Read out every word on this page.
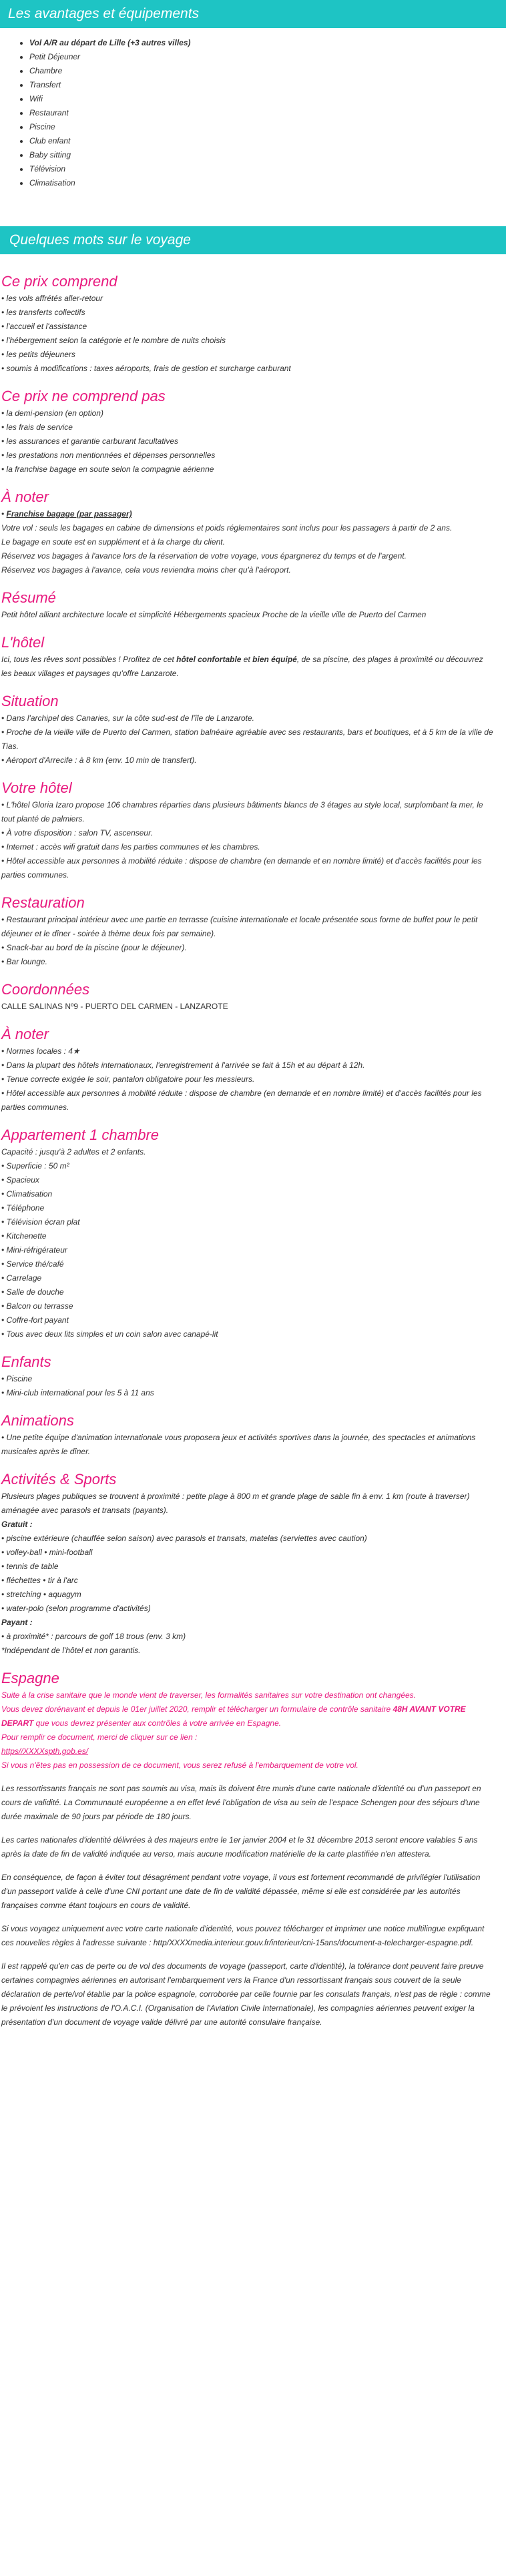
Les avantages et équipements
• Vol A/R au départ de Lille (+3 autres villes)
• Petit Déjeuner
• Chambre
• Transfert
• Wifi
• Restaurant
• Piscine
• Club enfant
• Baby sitting
• Télévision
• Climatisation
Quelques mots sur le voyage
Ce prix comprend

• les vols affrétés aller-retour

• les transferts collectifs

• l'accueil et l'assistance

• l'hébergement selon la catégorie et le nombre de nuits choisis

• les petits déjeuners

• soumis à modifications : taxes aéroports, frais de gestion et surcharge carburant

Ce prix ne comprend pas

• la demi-pension (en option)

• les frais de service

• les assurances et garantie carburant facultatives

• les prestations non mentionnées et dépenses personnelles

• la franchise bagage en soute selon la compagnie aérienne

À noter

• Franchise bagage (par passager)

Votre vol : seuls les bagages en cabine de dimensions et poids réglementaires sont inclus pour les passagers à partir de 2 ans.

Le bagage en soute est en supplément et à la charge du client.

Réservez vos bagages à l'avance lors de la réservation de votre voyage, vous épargnerez du temps et de l'argent.

Réservez vos bagages à l'avance, cela vous reviendra moins cher qu'à l'aéroport.

Résumé

Petit hôtel alliant architecture locale et simplicité Hébergements spacieux Proche de la vieille ville de Puerto del Carmen

L'hôtel

Ici, tous les rêves sont possibles ! Profitez de cet hôtel confortable et bien équipé, de sa piscine, des plages à proximité ou découvrez les beaux villages et paysages qu'offre Lanzarote.

Situation

• Dans l'archipel des Canaries, sur la côte sud-est de l'île de Lanzarote.

• Proche de la vieille ville de Puerto del Carmen, station balnéaire agréable avec ses restaurants, bars et boutiques, et à 5 km de la ville de Tias.

• Aéroport d'Arrecife : à 8 km (env. 10 min de transfert).

Votre hôtel

• L'hôtel Gloria Izaro propose 106 chambres réparties dans plusieurs bâtiments blancs de 3 étages au style local, surplombant la mer, le tout planté de palmiers.

• À votre disposition : salon TV, ascenseur.

• Internet : accès wifi gratuit dans les parties communes et les chambres.

• Hôtel accessible aux personnes à mobilité réduite : dispose de chambre (en demande et en nombre limité) et d'accès facilités pour les parties communes.

Restauration

• Restaurant principal intérieur avec une partie en terrasse (cuisine internationale et locale présentée sous forme de buffet pour le petit déjeuner et le dîner - soirée à thème deux fois par semaine).

• Snack-bar au bord de la piscine (pour le déjeuner).

• Bar lounge.

Coordonnées

CALLE SALINAS Nº9 - PUERTO DEL CARMEN - LANZAROTE

À noter

• Normes locales : 4★

• Dans la plupart des hôtels internationaux, l'enregistrement à l'arrivée se fait à 15h et au départ à 12h.

• Tenue correcte exigée le soir, pantalon obligatoire pour les messieurs.

• Hôtel accessible aux personnes à mobilité réduite : dispose de chambre (en demande et en nombre limité) et d'accès facilités pour les parties communes.

Appartement 1 chambre

Capacité : jusqu'à 2 adultes et 2 enfants.

• Superficie : 50 m²

• Spacieux

• Climatisation

• Téléphone

• Télévision écran plat

• Kitchenette

• Mini-réfrigérateur

• Service thé/café

• Carrelage

• Salle de douche

• Balcon ou terrasse

• Coffre-fort payant

• Tous avec deux lits simples et un coin salon avec canapé-lit

Enfants

• Piscine

• Mini-club international pour les 5 à 11 ans

Animations

• Une petite équipe d'animation internationale vous proposera jeux et activités sportives dans la journée, des spectacles et animations musicales après le dîner.

Activités & Sports

Plusieurs plages publiques se trouvent à proximité : petite plage à 800 m et grande plage de sable fin à env. 1 km (route à traverser) aménagée avec parasols et transats (payants).

Gratuit :

• piscine extérieure (chauffée selon saison) avec parasols et transats, matelas (serviettes avec caution)

• volley-ball • mini-football

• tennis de table

• fléchettes • tir à l'arc

• stretching • aquagym

• water-polo (selon programme d'activités)

Payant :

• à proximité* : parcours de golf 18 trous (env. 3 km)

*Indépendant de l'hôtel et non garantis.

Espagne

Suite à la crise sanitaire que le monde vient de traverser, les formalités sanitaires sur votre destination ont changées.

Vous devez dorénavant et depuis le 01er juillet 2020, remplir et télécharger un formulaire de contrôle sanitaire 48H AVANT VOTRE DEPART que vous devrez présenter aux contrôles à votre arrivée en Espagne.

Pour remplir ce document, merci de cliquer sur ce lien :

https//XXXXspth.gob.es/

Si vous n'êtes pas en possession de ce document, vous serez refusé à l'embarquement de votre vol.

Les ressortissants français ne sont pas soumis au visa, mais ils doivent être munis d'une carte nationale d'identité ou d'un passeport en cours de validité. La Communauté européenne a en effet levé l'obligation de visa au sein de l'espace Schengen pour des séjours d'une durée maximale de 90 jours par période de 180 jours.

Les cartes nationales d'identité délivrées à des majeurs entre le 1er janvier 2004 et le 31 décembre 2013 seront encore valables 5 ans après la date de fin de validité indiquée au verso, mais aucune modification matérielle de la carte plastifiée n'en attestera.

En conséquence, de façon à éviter tout désagrément pendant votre voyage, il vous est fortement recommandé de privilégier l'utilisation d'un passeport valide à celle d'une CNI portant une date de fin de validité dépassée, même si elle est considérée par les autorités françaises comme étant toujours en cours de validité.

Si vous voyagez uniquement avec votre carte nationale d'identité, vous pouvez télécharger et imprimer une notice multilingue expliquant ces nouvelles règles à l'adresse suivante : http/XXXXmedia.interieur.gouv.fr/interieur/cni-15ans/document-a-telecharger-espagne.pdf.

Il est rappelé qu'en cas de perte ou de vol des documents de voyage (passeport, carte d'identité), la tolérance dont peuvent faire preuve certaines compagnies aériennes en autorisant l'embarquement vers la France d'un ressortissant français sous couvert de la seule déclaration de perte/vol établie par la police espagnole, corroborée par celle fournie par les consulats français, n'est pas de règle : comme le prévoient les instructions de l'O.A.C.I. (Organisation de l'Aviation Civile Internationale), les compagnies aériennes peuvent exiger la présentation d'un document de voyage valide délivré par une autorité consulaire française.
